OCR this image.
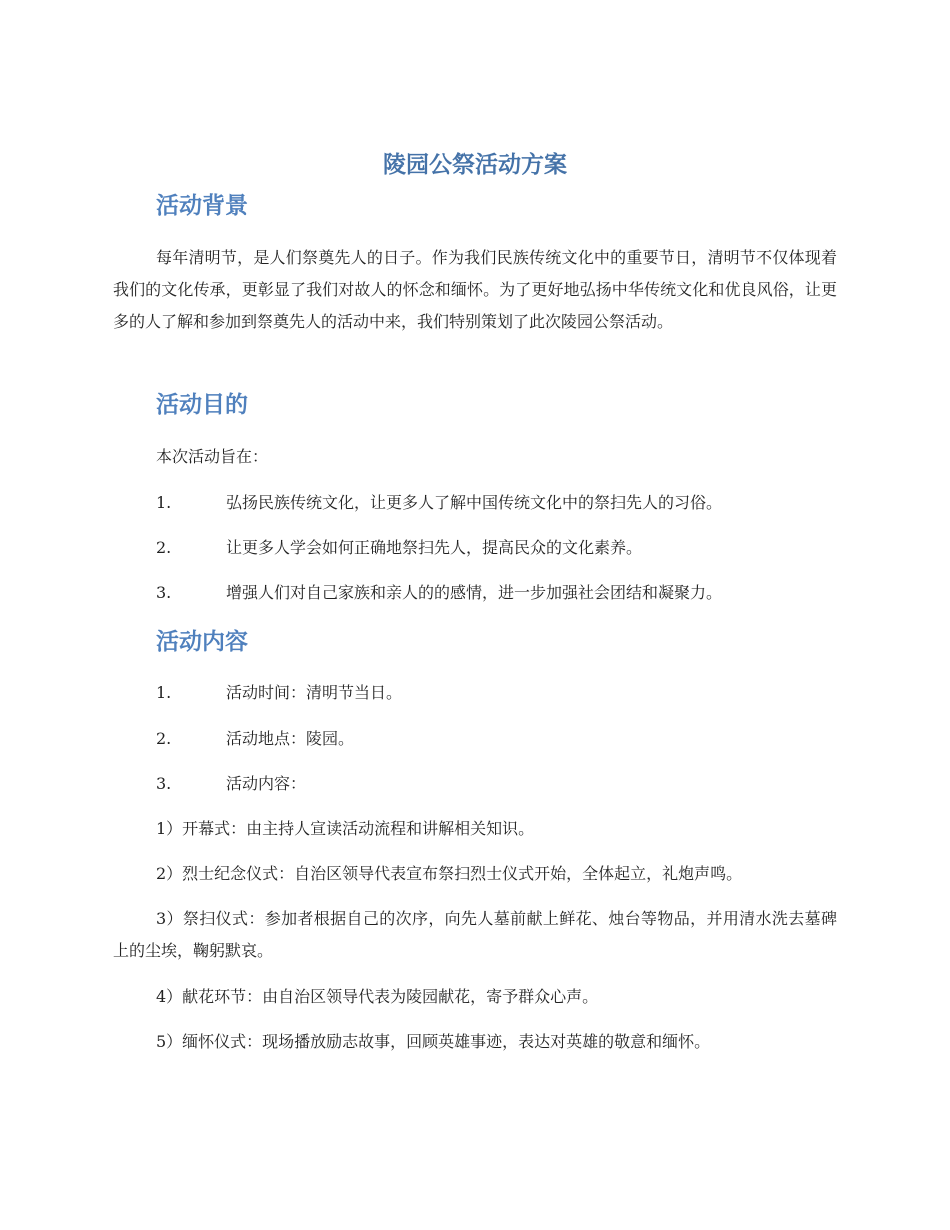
陵园公祭活动方案
活动背景
每年清明节，是人们祭奠先人的日子。作为我们民族传统文化中的重要节日，清明节不仅体现着我们的文化传承，更彰显了我们对故人的怀念和缅怀。为了更好地弘扬中华传统文化和优良风俗，让更多的人了解和参加到祭奠先人的活动中来，我们特别策划了此次陵园公祭活动。
活动目的
本次活动旨在：
1.	弘扬民族传统文化，让更多人了解中国传统文化中的祭扫先人的习俗。
2.	让更多人学会如何正确地祭扫先人，提高民众的文化素养。
3.	增强人们对自己家族和亲人的的感情，进一步加强社会团结和凝聚力。
活动内容
1.	活动时间：清明节当日。
2.	活动地点：陵园。
3.	活动内容：
1）开幕式：由主持人宣读活动流程和讲解相关知识。
2）烈士纪念仪式：自治区领导代表宣布祭扫烈士仪式开始，全体起立，礼炮声鸣。
3）祭扫仪式：参加者根据自己的次序，向先人墓前献上鲜花、烛台等物品，并用清水洗去墓碑上的尘埃，鞠躬默哀。
4）献花环节：由自治区领导代表为陵园献花，寄予群众心声。
5）缅怀仪式：现场播放励志故事，回顾英雄事迹，表达对英雄的敬意和缅怀。
